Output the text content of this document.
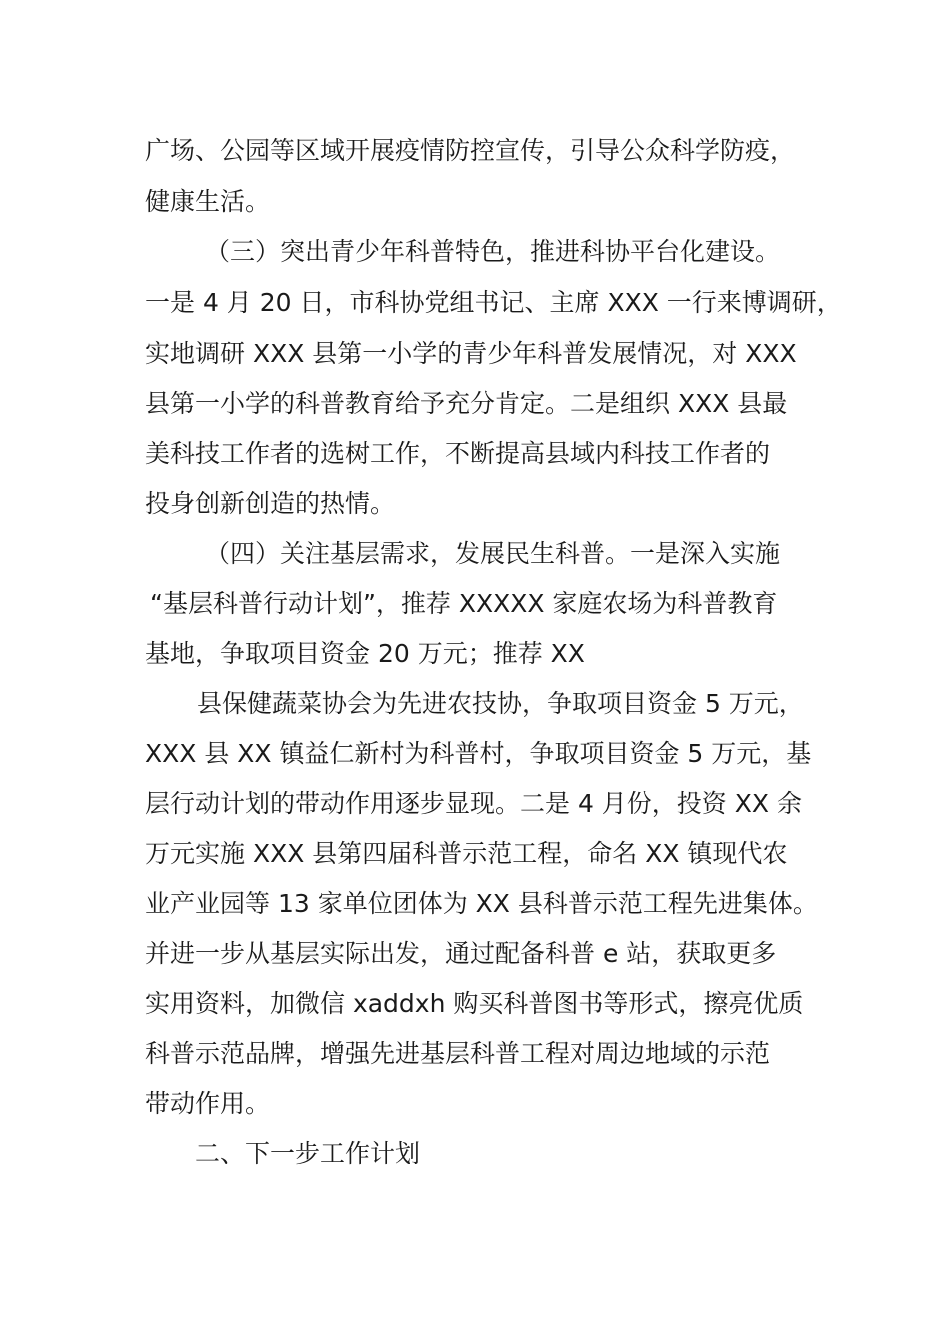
广场、公园等区域开展疫情防控宣传，引导公众科学防疫，
健康生活。
（三）突出青少年科普特色，推进科协平台化建设。
一是 4 月 20 日，市科协党组书记、主席 XXX 一行来博调研，
实地调研 XXX 县第一小学的青少年科普发展情况，对 XXX
县第一小学的科普教育给予充分肯定。二是组织 XXX 县最
美科技工作者的选树工作，不断提高县域内科技工作者的
投身创新创造的热情。
（四）关注基层需求，发展民生科普。一是深入实施
“基层科普行动计划”，推荐 XXXXX 家庭农场为科普教育
基地，争取项目资金 20 万元；推荐 XX
县保健蔬菜协会为先进农技协，争取项目资金 5 万元，
XXX 县 XX 镇益仁新村为科普村，争取项目资金 5 万元，基
层行动计划的带动作用逐步显现。二是 4 月份，投资 XX 余
万元实施 XXX 县第四届科普示范工程，命名 XX 镇现代农
业产业园等 13 家单位团体为 XX 县科普示范工程先进集体。
并进一步从基层实际出发，通过配备科普 e 站，获取更多
实用资料，加微信 xaddxh 购买科普图书等形式，擦亮优质
科普示范品牌，增强先进基层科普工程对周边地域的示范
带动作用。
二、下一步工作计划
